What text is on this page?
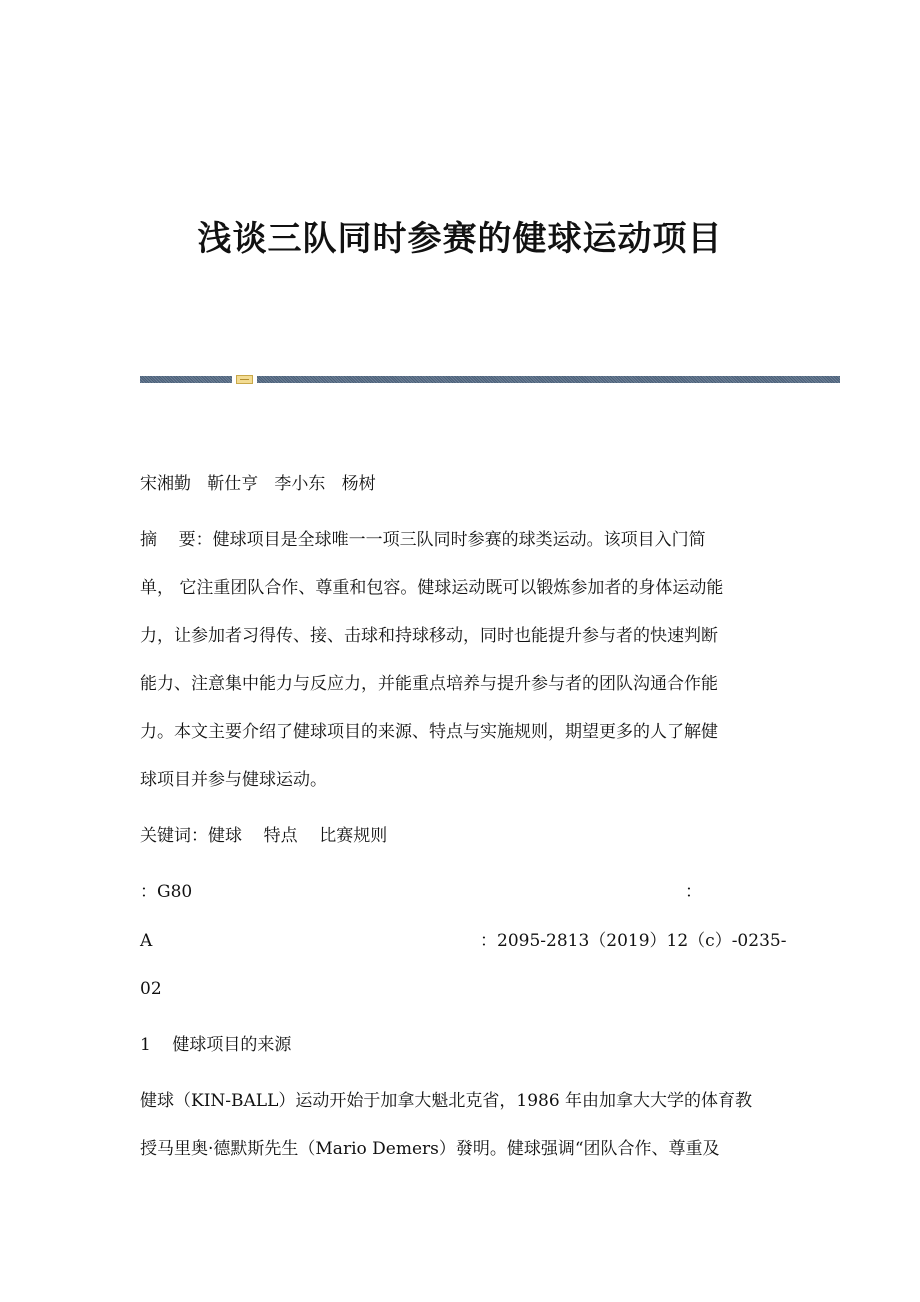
浅谈三队同时参赛的健球运动项目

宋湘勤   靳仕亨   李小东   杨树

摘    要：健球项目是全球唯一一项三队同时参赛的球类运动。该项目入门简

单， 它注重团队合作、尊重和包容。健球运动既可以锻炼参加者的身体运动能

力，让参加者习得传、接、击球和持球移动，同时也能提升参与者的快速判断

能力、注意集中能力与反应力，并能重点培养与提升参与者的团队沟通合作能

力。本文主要介绍了健球项目的来源、特点与实施规则，期望更多的人了解健

球项目并参与健球运动。

关键词：健球    特点    比赛规则

：G80	：

A	：2095-2813（2019）12（c）-0235-

02

1    健球项目的来源

健球（KIN-BALL）运动开始于加拿大魁北克省，1986 年由加拿大大学的体育教

授马里奥·德默斯先生（Mario Demers）發明。健球强调“团队合作、尊重及
